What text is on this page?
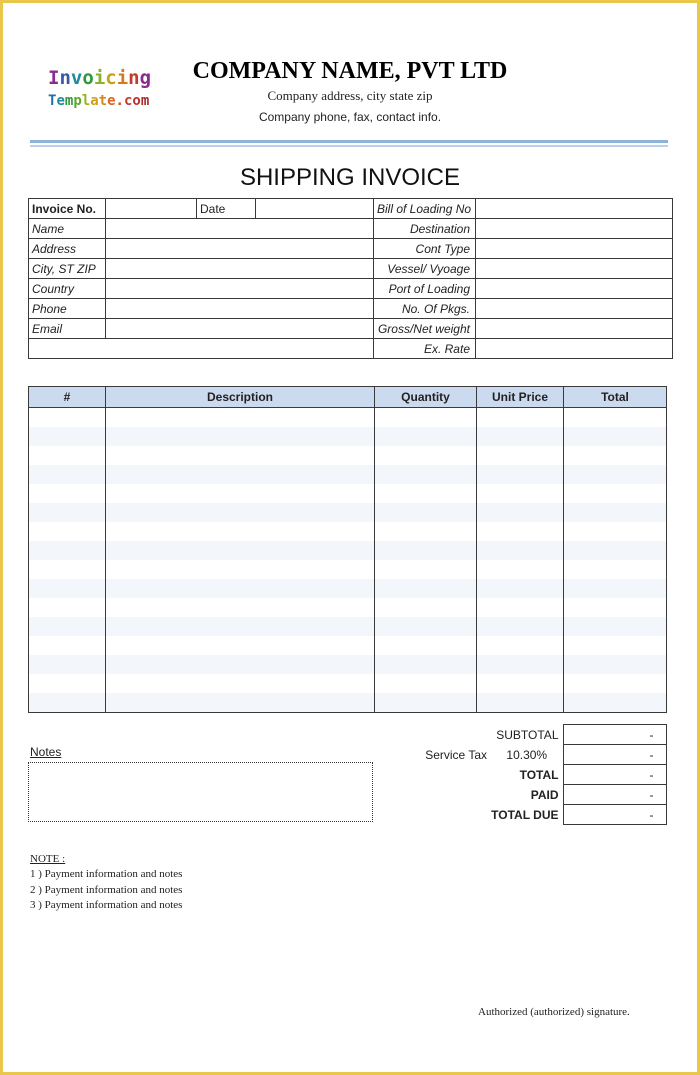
Invoicing
Template.com
COMPANY NAME, PVT LTD
Company address, city state zip
Company phone, fax, contact info.
SHIPPING INVOICE
Invoice No.		Date		Bill of Loading No	
Name				Destination	
Address				Cont Type	
City, ST ZIP				Vessel/ Vyoage	
Country				Port of Loading	
Phone				No. Of Pkgs.	
Email				Gross/Net weight	
				Ex. Rate	
#	Description	Quantity	Unit Price	Total

Notes
SUBTOTAL		-
Service Tax	10.30%	-
TOTAL		-
PAID		-
TOTAL DUE		-
NOTE :
1 ) Payment information and notes
2 ) Payment information and notes
3 ) Payment information and notes
Authorized (authorized) signature.
